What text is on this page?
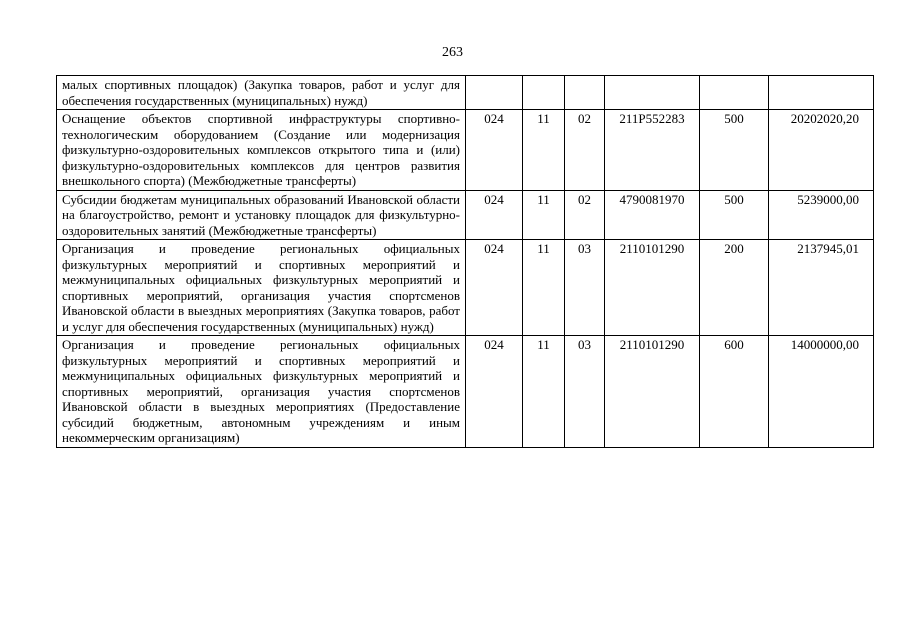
263
малых спортивных площадок) (Закупка товаров, работ и услуг для обеспечения государственных (муниципальных) нужд)						
Оснащение объектов спортивной инфраструктуры спортивно-технологическим оборудованием (Создание или модернизация физкультурно-оздоровительных комплексов открытого типа и (или) физкультурно-оздоровительных комплексов для центров развития внешкольного спорта) (Межбюджетные трансферты)	024	11	02	211P552283	500	20202020,20
Субсидии бюджетам муниципальных образований Ивановской области на благоустройство, ремонт и установку площадок для физкультурно-оздоровительных занятий (Межбюджетные трансферты)	024	11	02	4790081970	500	5239000,00
Организация и проведение региональных официальных физкультурных мероприятий и спортивных мероприятий и межмуниципальных официальных физкультурных мероприятий и спортивных мероприятий, организация участия спортсменов Ивановской области в выездных мероприятиях (Закупка товаров, работ и услуг для обеспечения государственных (муниципальных) нужд)	024	11	03	2110101290	200	2137945,01
Организация и проведение региональных официальных физкультурных мероприятий и спортивных мероприятий и межмуниципальных официальных физкультурных мероприятий и спортивных мероприятий, организация участия спортсменов Ивановской области в выездных мероприятиях (Предоставление субсидий бюджетным, автономным учреждениям и иным некоммерческим организациям)	024	11	03	2110101290	600	14000000,00
